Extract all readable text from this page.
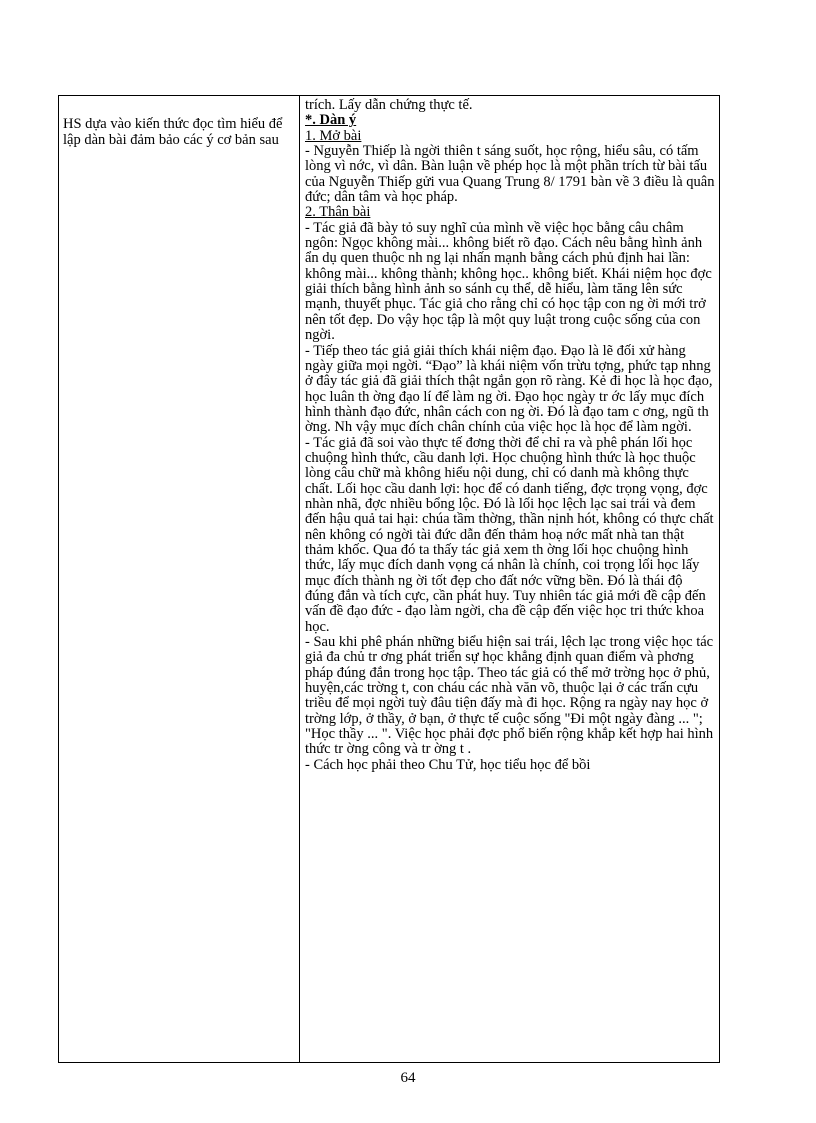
HS dựa vào kiến thức đọc tìm hiểu để lập dàn bài đảm bảo các ý cơ bản sau

trích. Lấy dẫn chứng thực tế.

*. Dàn ý

1. Mở bài

- Nguyễn Thiếp là ngời thiên t sáng suốt, học rộng, hiểu sâu, có tấm lòng vì nớc, vì dân. Bàn luận về phép học là một phần trích từ bài tấu của Nguyễn Thiếp gửi vua Quang Trung 8/ 1791 bàn về 3 điều là quân đức; dân tâm và học pháp.

2. Thân bài

- Tác giả đã bày tỏ suy nghĩ của mình về việc học bằng câu châm ngôn: Ngọc không mài... không biết rõ đạo. Cách nêu bằng hình ảnh ẩn dụ quen thuộc nh ng lại nhấn mạnh bằng cách phủ định hai lần: không mài... không thành; không học.. không biết. Khái niệm học đợc giải thích bằng hình ảnh so sánh cụ thể, dễ hiểu, làm tăng lên sức mạnh, thuyết phục. Tác giả cho rằng chỉ có học tập con ng ời mới trở nên tốt đẹp. Do vậy học tập là một quy luật trong cuộc sống của con ngời.

- Tiếp theo tác giả giải thích khái niệm đạo. Đạo là lẽ đối xử hàng ngày giữa mọi ngời. “Đạo” là khái niệm vốn trừu tợng, phức tạp nhng ở đây tác giả đã giải thích thật ngắn gọn rõ ràng. Kẻ đi học là học đạo, học luân th ờng đạo lí để làm ng ời. Đạo học ngày tr ớc lấy mục đích hình thành đạo đức, nhân cách con ng ời. Đó là đạo tam c ơng, ngũ th ờng. Nh vậy mục đích chân chính của việc học là học để làm ngời.

- Tác giả đã soi vào thực tế đơng thời để chỉ ra và phê phán lối học chuộng hình thức, cầu danh lợi. Học chuộng hình thức là học thuộc lòng câu chữ mà không hiểu nội dung, chỉ có danh mà không thực chất. Lối học cầu danh lợi: học để có danh tiếng, đợc trọng vọng, đợc nhàn nhã, đợc nhiều bổng lộc. Đó là lối học lệch lạc sai trái và đem đến hậu quả tai hại: chúa tầm thờng, thần nịnh hót, không có thực chất nên không có ngời tài đức dẫn đến thảm hoạ nớc mất nhà tan thật thảm khốc. Qua đó ta thấy tác giả xem th ờng lối học chuộng hình thức, lấy mục đích danh vọng cá nhân là chính, coi trọng lối học lấy mục đích thành ng ời tốt đẹp cho đất nớc vững bền. Đó là thái độ đúng đắn và tích cực, cần phát huy. Tuy nhiên tác giả mới đề cập đến vấn đề đạo đức - đạo làm ngời, cha đề cập đến việc học tri thức khoa học.

- Sau khi phê phán những biểu hiện sai trái, lệch lạc trong việc học tác giả đa chủ tr ơng phát triển sự học khẳng định quan điểm và phơng pháp đúng đắn trong học tập. Theo tác giả có thể mở trờng học ở phủ, huyện,các trờng t, con cháu các nhà văn võ, thuộc lại ở các trấn cựu triều để mọi ngời tuỳ đâu tiện đấy mà đi học. Rộng ra ngày nay học ở trờng lớp, ở thầy, ở bạn, ở thực tế cuộc sống "Đi một ngày đàng ... "; "Học thầy ... ". Việc học phải đợc phổ biến rộng khắp kết hợp hai hình thức tr ờng công và tr ờng t .

- Cách học phải theo Chu Tử, học tiểu học để bồi

64
